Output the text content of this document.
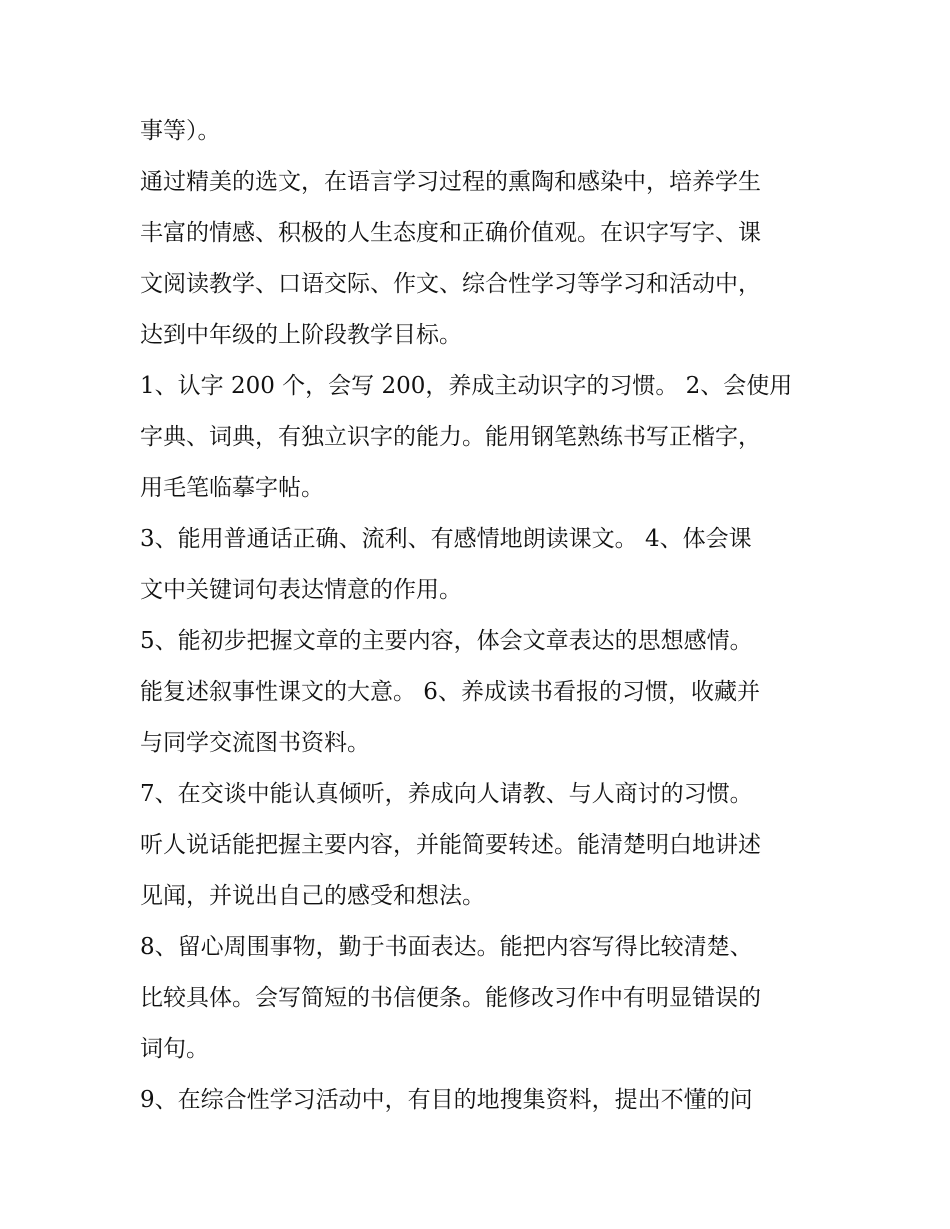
事等）。
通过精美的选文，在语言学习过程的熏陶和感染中，培养学生
丰富的情感、积极的人生态度和正确价值观。在识字写字、课
文阅读教学、口语交际、作文、综合性学习等学习和活动中，
达到中年级的上阶段教学目标。
1、认字 200 个，会写 200，养成主动识字的习惯。 2、会使用
字典、词典，有独立识字的能力。能用钢笔熟练书写正楷字，
用毛笔临摹字帖。
3、能用普通话正确、流利、有感情地朗读课文。 4、体会课
文中关键词句表达情意的作用。
5、能初步把握文章的主要内容，体会文章表达的思想感情。
能复述叙事性课文的大意。 6、养成读书看报的习惯，收藏并
与同学交流图书资料。
7、在交谈中能认真倾听，养成向人请教、与人商讨的习惯。
听人说话能把握主要内容，并能简要转述。能清楚明白地讲述
见闻，并说出自己的感受和想法。
8、留心周围事物，勤于书面表达。能把内容写得比较清楚、
比较具体。会写简短的书信便条。能修改习作中有明显错误的
词句。
9、在综合性学习活动中，有目的地搜集资料，提出不懂的问
